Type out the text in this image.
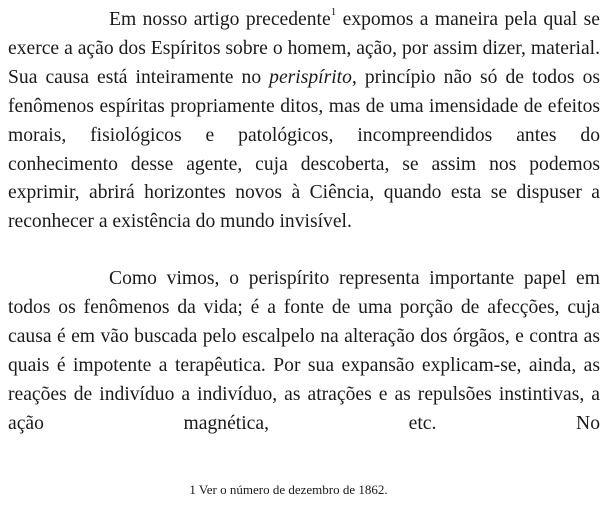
Em nosso artigo precedente$^1$ expomos a maneira pela qual se exerce a ação dos Espíritos sobre o homem, ação, por assim dizer, material. Sua causa está inteiramente no perispírito, princípio não só de todos os fenômenos espíritas propriamente ditos, mas de uma imensidade de efeitos morais, fisiológicos e patológicos, incompreendidos antes do conhecimento desse agente, cuja descoberta, se assim nos podemos exprimir, abrirá horizontes novos à Ciência, quando esta se dispuser a reconhecer a existência do mundo invisível.

Como vimos, o perispírito representa importante papel em todos os fenômenos da vida; é a fonte de uma porção de afecções, cuja causa é em vão buscada pelo escalpelo na alteração dos órgãos, e contra as quais é impotente a terapêutica. Por sua expansão explicam-se, ainda, as reações de indivíduo a indivíduo, as atrações e as repulsões instintivas, a ação magnética, etc. No

1 Ver o número de dezembro de 1862.
